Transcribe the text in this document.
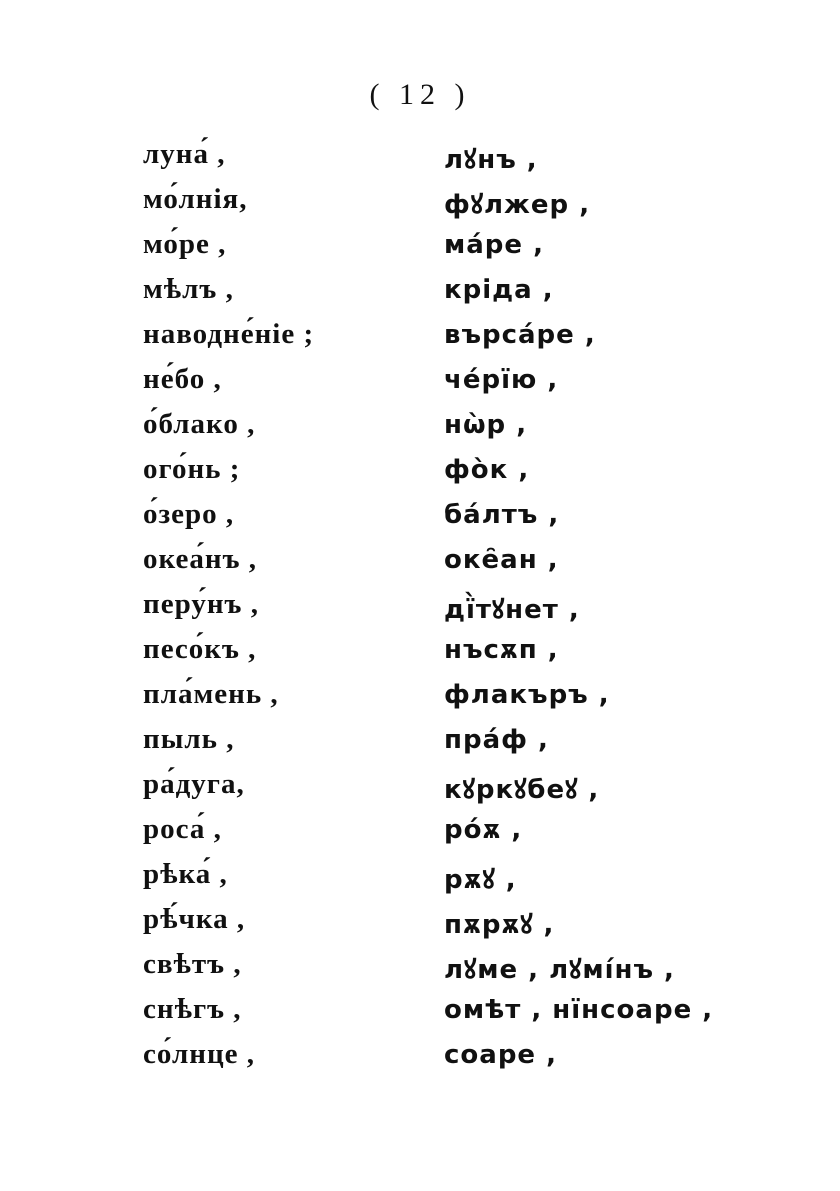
( 12 )
луна́ ,	лꙋнъ ,
мо́лнія,	фꙋлжер ,
мо́ре ,	ма́ре ,
мѣлъ ,	кріда ,
наводне́ніе ;	върса́ре ,
не́бо ,	че́рїю ,
о́блако ,	нѡ̀р ,
ого́нь ;	фо̀к ,
о́зеро ,	ба́лтъ ,
океа́нъ ,	оке̑ан ,
перу́нъ ,	дї̀тꙋнет ,
песо́къ ,	нъсѫп ,
пла́мень ,	флакъръ ,
пыль ,	пра́ф ,
ра́дуга,	кꙋркꙋбеꙋ ,
роса́ ,	ро́ѫ ,
рѣка́ ,	рѫꙋ ,
рѣ́чка ,	пѫрѫꙋ ,
свѣтъ ,	лꙋме , лꙋмі́нъ ,
снѣгъ ,	омѣт , нїнсоаре ,
со́лнце ,	соаре ,
